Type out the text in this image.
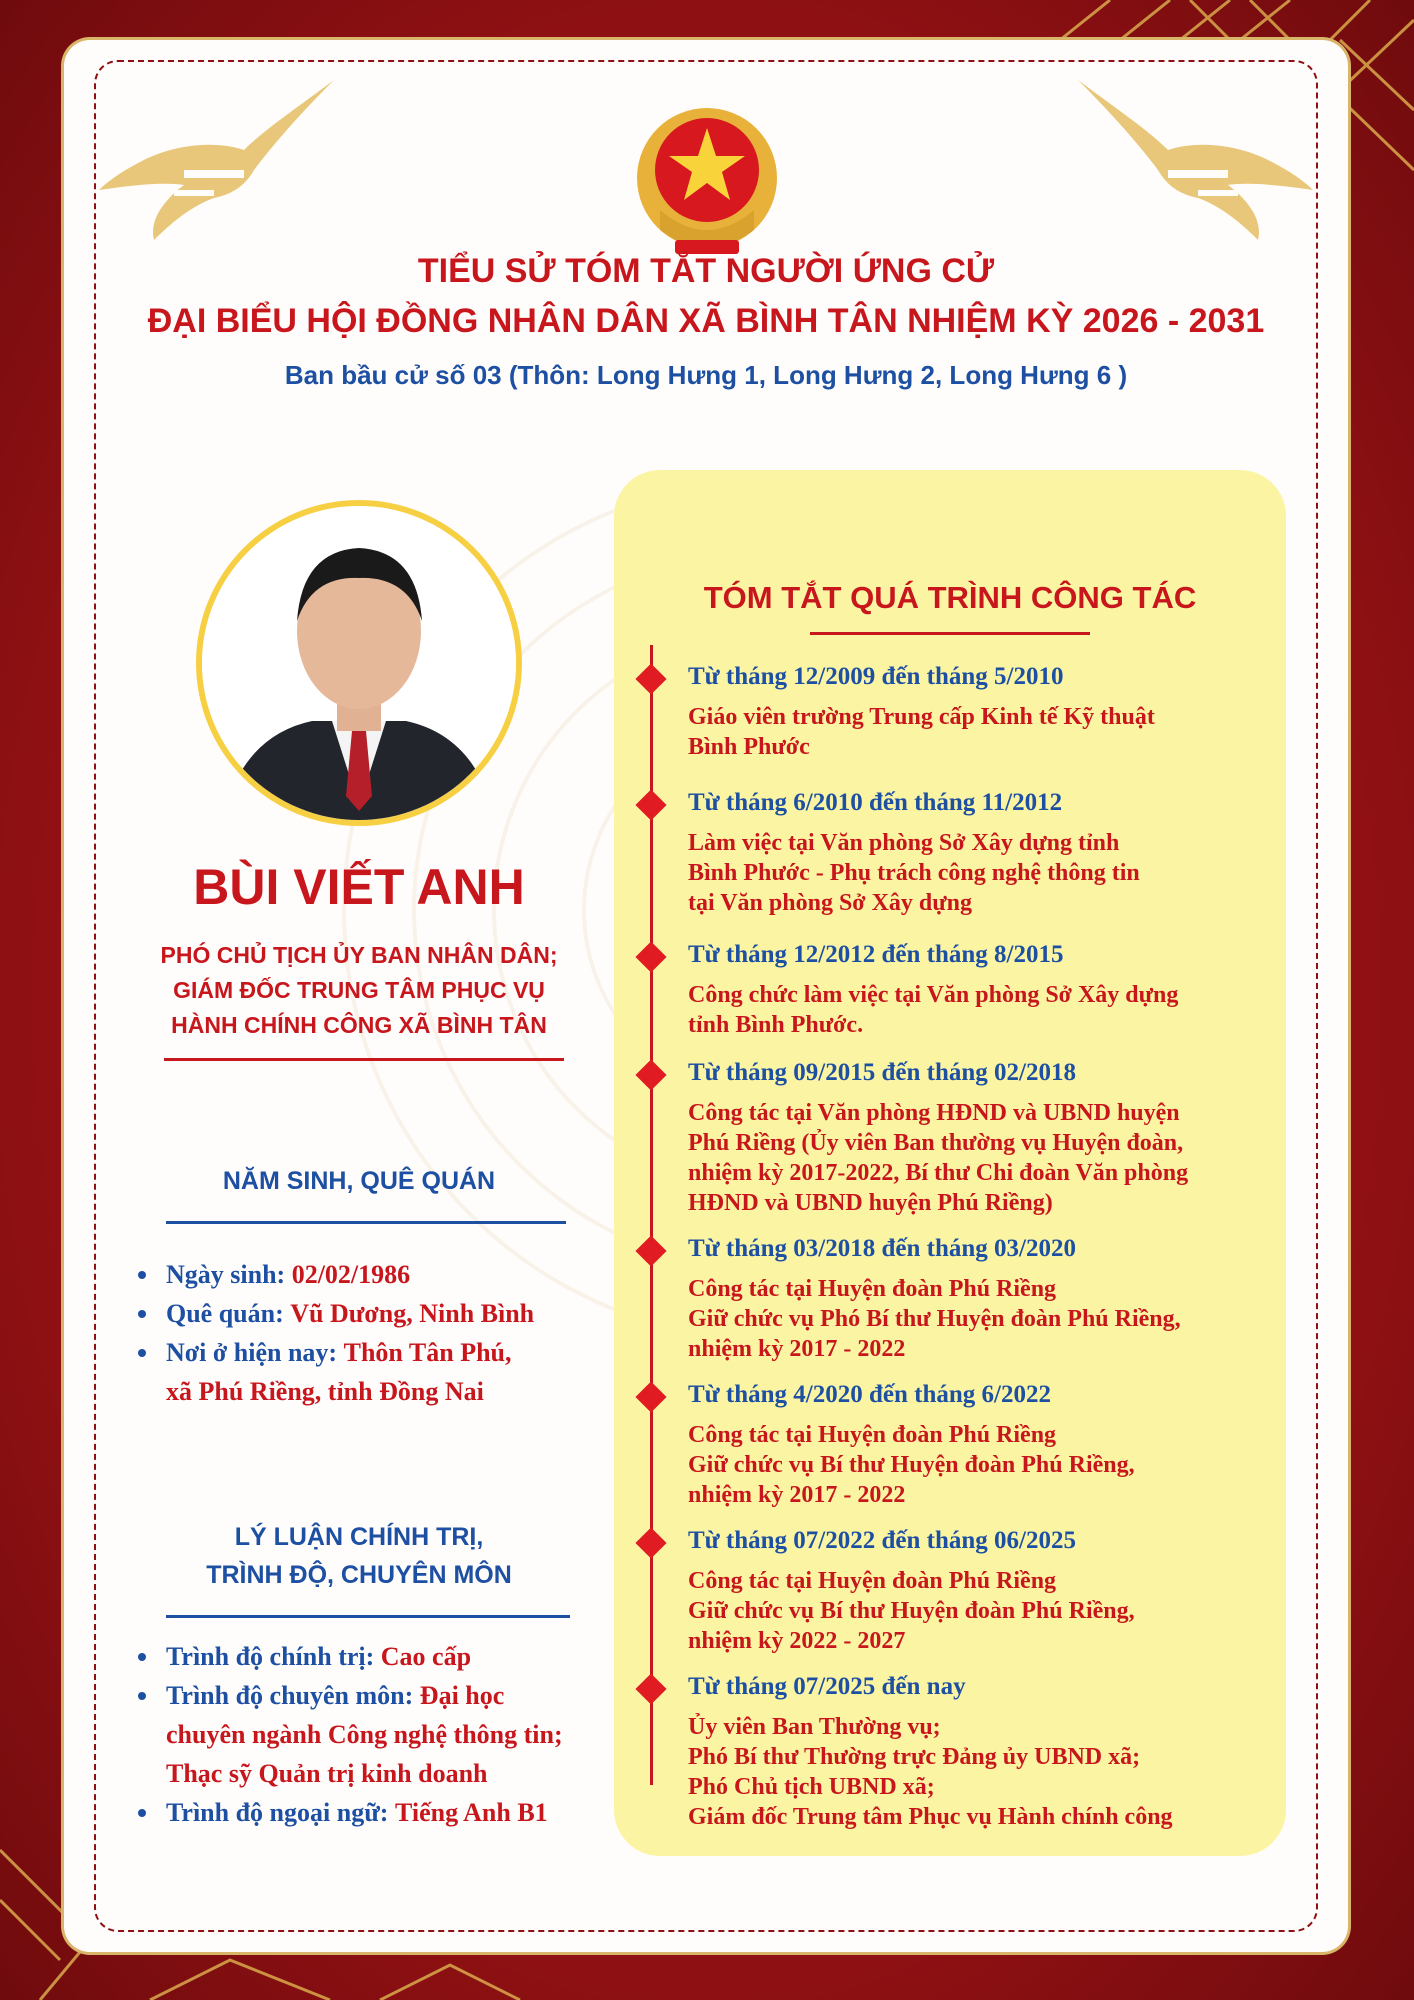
TIỂU SỬ TÓM TẮT NGƯỜI ỨNG CỬ
ĐẠI BIỂU HỘI ĐỒNG NHÂN DÂN XÃ BÌNH TÂN NHIỆM KỲ 2026 - 2031
Ban bầu cử số 03 (Thôn: Long Hưng 1, Long Hưng 2, Long Hưng 6 )
BÙI VIẾT ANH
PHÓ CHỦ TỊCH ỦY BAN NHÂN DÂN;
GIÁM ĐỐC TRUNG TÂM PHỤC VỤ
HÀNH CHÍNH CÔNG XÃ BÌNH TÂN
NĂM SINH, QUÊ QUÁN
Ngày sinh: 02/02/1986
Quê quán: Vũ Dương, Ninh Bình
Nơi ở hiện nay: Thôn Tân Phú,
xã Phú Riềng, tỉnh Đồng Nai
LÝ LUẬN CHÍNH TRỊ,
TRÌNH ĐỘ, CHUYÊN MÔN
Trình độ chính trị: Cao cấp
Trình độ chuyên môn: Đại học
chuyên ngành Công nghệ thông tin;
Thạc sỹ Quản trị kinh doanh
Trình độ ngoại ngữ: Tiếng Anh B1
TÓM TẮT QUÁ TRÌNH CÔNG TÁC
Từ tháng 12/2009 đến tháng 5/2010
Giáo viên trường Trung cấp Kinh tế Kỹ thuật
Bình Phước
Từ tháng 6/2010 đến tháng 11/2012
Làm việc tại Văn phòng Sở Xây dựng tỉnh
Bình Phước - Phụ trách công nghệ thông tin
tại Văn phòng Sở Xây dựng
Từ tháng 12/2012 đến tháng 8/2015
Công chức làm việc tại Văn phòng Sở Xây dựng
tỉnh Bình Phước.
Từ tháng 09/2015 đến tháng 02/2018
Công tác tại Văn phòng HĐND và UBND huyện
Phú Riềng (Ủy viên Ban thường vụ Huyện đoàn,
nhiệm kỳ 2017-2022, Bí thư Chi đoàn Văn phòng
HĐND và UBND huyện Phú Riềng)
Từ tháng 03/2018 đến tháng 03/2020
Công tác tại Huyện đoàn Phú Riềng
Giữ chức vụ Phó Bí thư Huyện đoàn Phú Riềng,
nhiệm kỳ 2017 - 2022
Từ tháng 4/2020 đến tháng 6/2022
Công tác tại Huyện đoàn Phú Riềng
Giữ chức vụ Bí thư Huyện đoàn Phú Riềng,
nhiệm kỳ 2017 - 2022
Từ tháng 07/2022 đến tháng 06/2025
Công tác tại Huyện đoàn Phú Riềng
Giữ chức vụ Bí thư Huyện đoàn Phú Riềng,
nhiệm kỳ 2022 - 2027
Từ tháng 07/2025 đến nay
Ủy viên Ban Thường vụ;
Phó Bí thư Thường trực Đảng ủy UBND xã;
Phó Chủ tịch UBND xã;
Giám đốc Trung tâm Phục vụ Hành chính công
